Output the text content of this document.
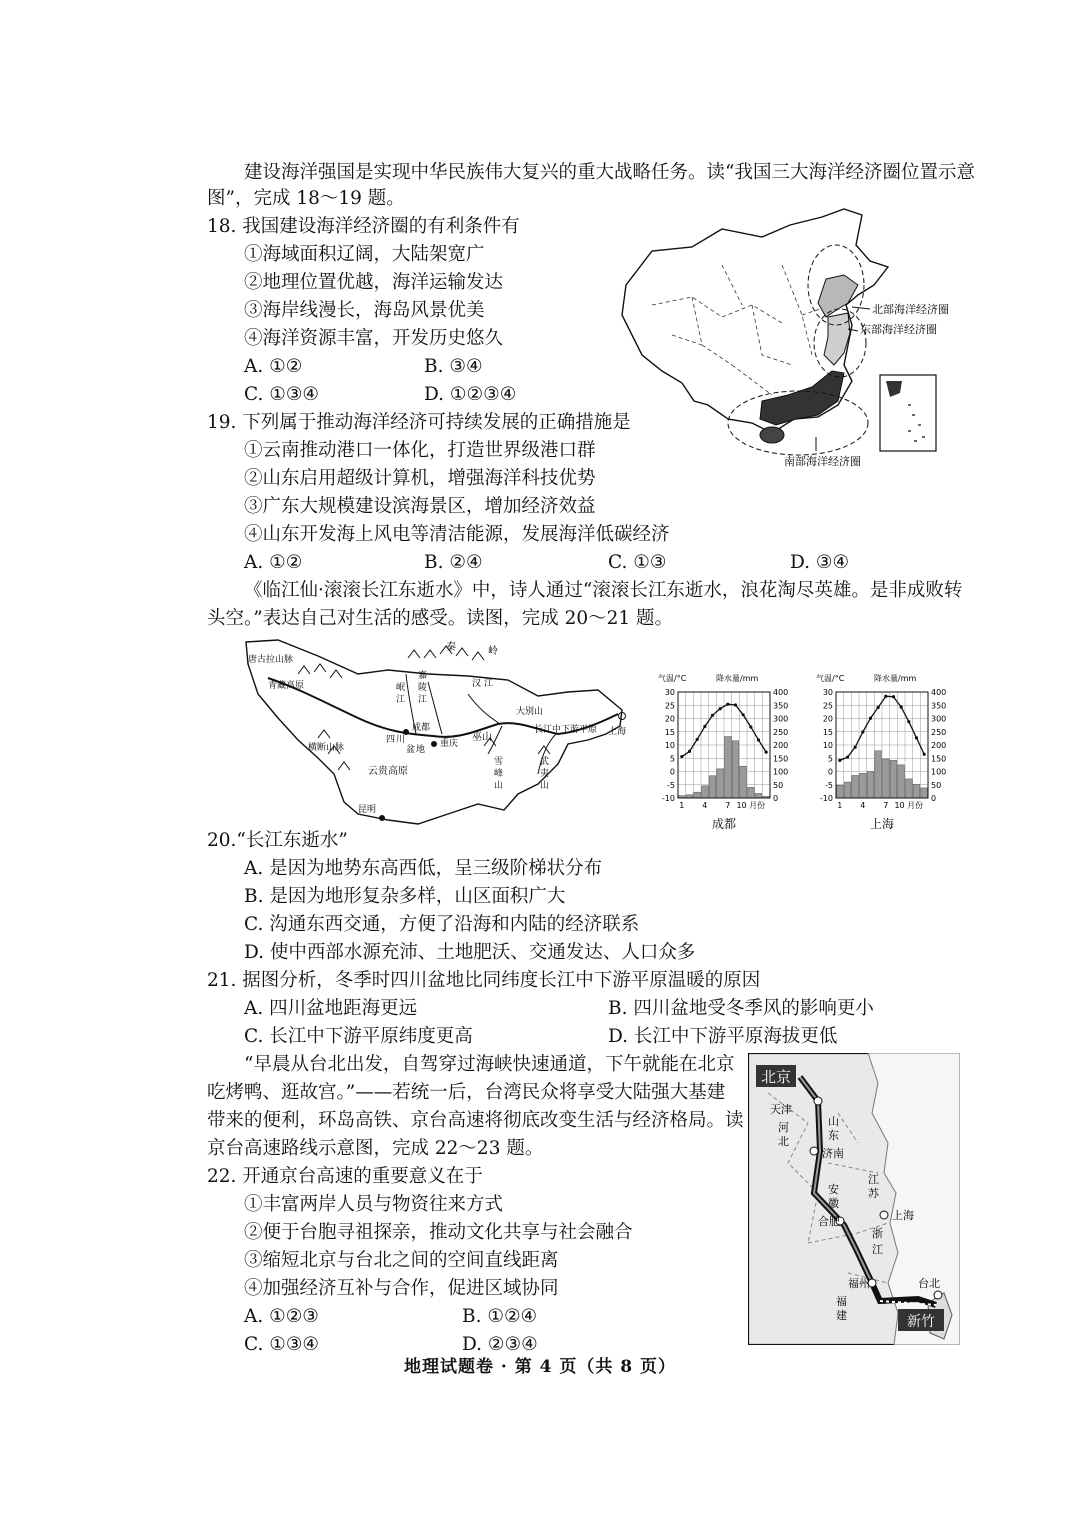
建设海洋强国是实现中华民族伟大复兴的重大战略任务。读“我国三大海洋经济圈位置示意
图”，完成 18～19 题。
18. 我国建设海洋经济圈的有利条件有
①海域面积辽阔，大陆架宽广
②地理位置优越，海洋运输发达
③海岸线漫长，海岛风景优美
④海洋资源丰富，开发历史悠久
A. ①②	B. ③④
C. ①③④	D. ①②③④
19. 下列属于推动海洋经济可持续发展的正确措施是
①云南推动港口一体化，打造世界级港口群
②山东启用超级计算机，增强海洋科技优势
③广东大规模建设滨海景区，增加经济效益
④山东开发海上风电等清洁能源，发展海洋低碳经济
A. ①②	B. ②④	C. ①③	D. ③④
北部海洋经济圈
东部海洋经济圈
南部海洋经济圈
《临江仙·滚滚长江东逝水》中，诗人通过“滚滚长江东逝水，浪花淘尽英雄。是非成败转
头空。”表达自己对生活的感受。读图，完成 20～21 题。
唐古拉山脉
青藏高原
秦	岭
岷
江
嘉
陵
江
汉 江
四 川
盆 地
成都
重庆
巫山
大别山
长江中下游平原 上海
横断山脉
云贵高原
昆明
武
夷
山
雪
峰
山
气温/°C	降水量/mm
30
25
20
15
10
5
0
-5
-10
400
350
300
250
200
150
100
50
0
1 4 7 10 月份
成都
气温/°C	降水量/mm
30
25
20
15
10
5
0
-5
-10
400
350
300
250
200
150
100
50
0
1 4 7 10 月份
上海
20.“长江东逝水”
A. 是因为地势东高西低，呈三级阶梯状分布
B. 是因为地形复杂多样，山区面积广大
C. 沟通东西交通，方便了沿海和内陆的经济联系
D. 使中西部水源充沛、土地肥沃、交通发达、人口众多
21. 据图分析，冬季时四川盆地比同纬度长江中下游平原温暖的原因
A. 四川盆地距海更远	B. 四川盆地受冬季风的影响更小
C. 长江中下游平原纬度更高	D. 长江中下游平原海拔更低
“早晨从台北出发，自驾穿过海峡快速通道，下午就能在北京
吃烤鸭、逛故宫。”——若统一后，台湾民众将享受大陆强大基建
带来的便利，环岛高铁、京台高速将彻底改变生活与经济格局。读
京台高速路线示意图，完成 22～23 题。
22. 开通京台高速的重要意义在于
①丰富两岸人员与物资往来方式
②便于台胞寻祖探亲，推动文化共享与社会融合
③缩短北京与台北之间的空间直线距离
④加强经济互补与合作，促进区域协同
A. ①②③	B. ①②④
C. ①③④	D. ②③④
北京
新竹
天津
河
北
山
东
济南
江
苏
安
徽
合肥	上海
浙
江
福州
福
建
台北
地理试题卷 · 第 4 页（共 8 页）
